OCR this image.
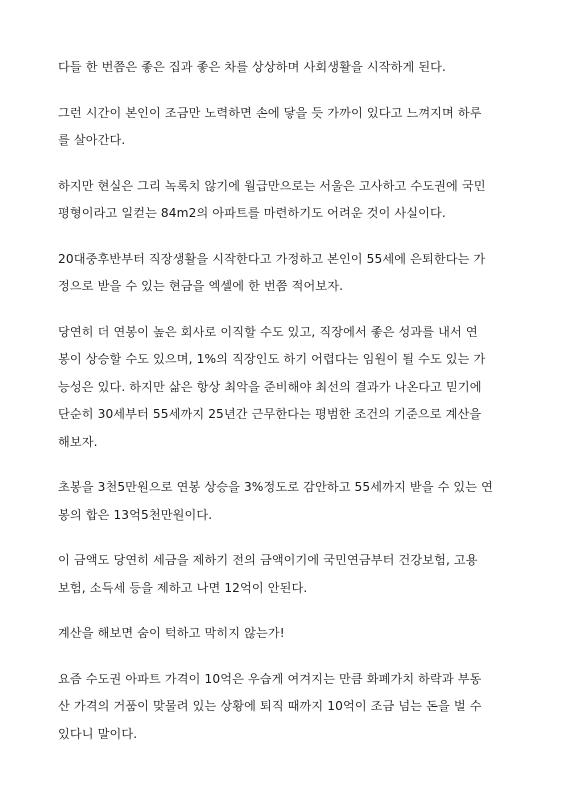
다들 한 번쯤은 좋은 집과 좋은 차를 상상하며 사회생활을 시작하게 된다.

그런 시간이 본인이 조금만 노력하면 손에 닿을 듯 가까이 있다고 느껴지며 하루
를 살아간다.

하지만 현실은 그리 녹록치 않기에 월급만으로는 서울은 고사하고 수도권에 국민
평형이라고 일컫는 84m2의 아파트를 마련하기도 어려운 것이 사실이다.

20대중후반부터 직장생활을 시작한다고 가정하고 본인이 55세에 은퇴한다는 가
정으로 받을 수 있는 현금을 엑셀에 한 번쯤 적어보자.

당연히 더 연봉이 높은 회사로 이직할 수도 있고, 직장에서 좋은 성과를 내서 연
봉이 상승할 수도 있으며, 1%의 직장인도 하기 어렵다는 임원이 될 수도 있는 가
능성은 있다. 하지만 삶은 항상 최악을 준비해야 최선의 결과가 나온다고 믿기에
단순히 30세부터 55세까지 25년간 근무한다는 평범한 조건의 기준으로 계산을
해보자.

초봉을 3천5만원으로 연봉 상승을 3%정도로 감안하고 55세까지 받을 수 있는 연
봉의 합은 13억5천만원이다.

이 금액도 당연히 세금을 제하기 전의 금액이기에 국민연금부터 건강보험, 고용
보험, 소득세 등을 제하고 나면 12억이 안된다.

계산을 해보면 숨이 턱하고 막히지 않는가!

요즘 수도권 아파트 가격이 10억은 우습게 여겨지는 만큼 화폐가치 하락과 부동
산 가격의 거품이 맞물려 있는 상황에 퇴직 때까지 10억이 조금 넘는 돈을 벌 수
있다니 말이다.
